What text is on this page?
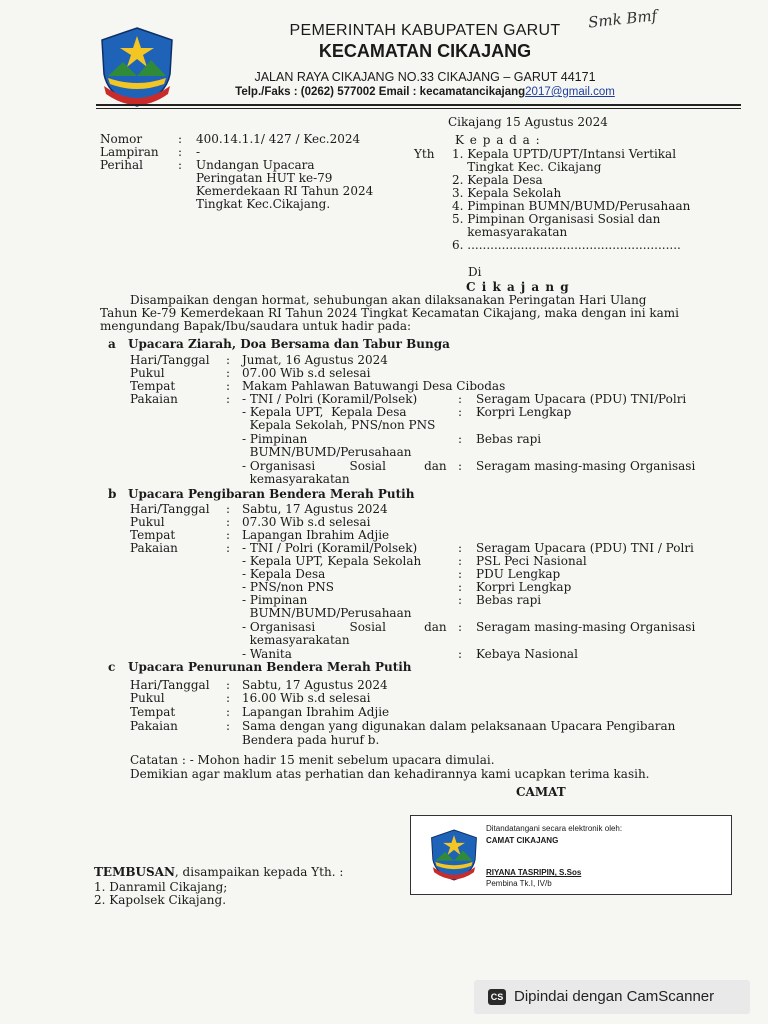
PEMERINTAH KABUPATEN GARUT
KECAMATAN CIKAJANG
JALAN RAYA CIKAJANG NO.33 CIKAJANG – GARUT 44171
Telp./Faks : (0262) 577002 Email : kecamatancikajang2017@gmail.com
Smk Bmf
Cikajang 15 Agustus 2024
Nomor	: 400.14.1.1/ 427 / Kec.2024
Lampiran : -
Perihal	: Undangan Upacara
Peringatan HUT ke-79
Kemerdekaan RI Tahun 2024
Tingkat Kec.Cikajang.
K e p a d a :
Yth 1. Kepala UPTD/UPT/Intansi Vertikal
Tingkat Kec. Cikajang
2. Kepala Desa
3. Kepala Sekolah
4. Pimpinan BUMN/BUMD/Perusahaan
5. Pimpinan Organisasi Sosial dan
kemasyarakatan
6. ........................................................
Di
C i k a j a n g
Disampaikan dengan hormat, sehubungan akan dilaksanakan Peringatan Hari Ulang
Tahun Ke-79 Kemerdekaan RI Tahun 2024 Tingkat Kecamatan Cikajang, maka dengan ini kami
mengundang Bapak/Ibu/saudara untuk hadir pada:
a Upacara Ziarah, Doa Bersama dan Tabur Bunga
Hari/Tanggal : Jumat, 16 Agustus 2024
Pukul	: 07.00 Wib s.d selesai
Tempat	: Makam Pahlawan Batuwangi Desa Cibodas
Pakaian	: - TNI / Polri (Koramil/Polsek)	: Seragam Upacara (PDU) TNI/Polri
- Kepala UPT,  Kepala Desa	: Korpri Lengkap
Kepala Sekolah, PNS/non PNS
- Pimpinan	: Bebas rapi
BUMN/BUMD/Perusahaan
- Organisasi         Sosial          dan : Seragam masing-masing Organisasi
kemasyarakatan
b Upacara Pengibaran Bendera Merah Putih
Hari/Tanggal : Sabtu, 17 Agustus 2024
Pukul	: 07.30 Wib s.d selesai
Tempat	: Lapangan Ibrahim Adjie
Pakaian	: - TNI / Polri (Koramil/Polsek)	: Seragam Upacara (PDU) TNI / Polri
- Kepala UPT, Kepala Sekolah	: PSL Peci Nasional
- Kepala Desa	: PDU Lengkap
- PNS/non PNS	: Korpri Lengkap
- Pimpinan	: Bebas rapi
BUMN/BUMD/Perusahaan
- Organisasi         Sosial          dan : Seragam masing-masing Organisasi
kemasyarakatan
- Wanita	: Kebaya Nasional
c Upacara Penurunan Bendera Merah Putih
Hari/Tanggal : Sabtu, 17 Agustus 2024
Pukul	: 16.00 Wib s.d selesai
Tempat	: Lapangan Ibrahim Adjie
Pakaian	: Sama dengan yang digunakan dalam pelaksanaan Upacara Pengibaran
Bendera pada huruf b.
Catatan : - Mohon hadir 15 menit sebelum upacara dimulai.
Demikian agar maklum atas perhatian dan kehadirannya kami ucapkan terima kasih.
CAMAT
Ditandatangani secara elektronik oleh:
CAMAT CIKAJANG
RIYANA TASRIPIN, S.Sos
Pembina Tk.I, IV/b
TEMBUSAN, disampaikan kepada Yth. :
1. Danramil Cikajang;
2. Kapolsek Cikajang.
CS Dipindai dengan CamScanner
